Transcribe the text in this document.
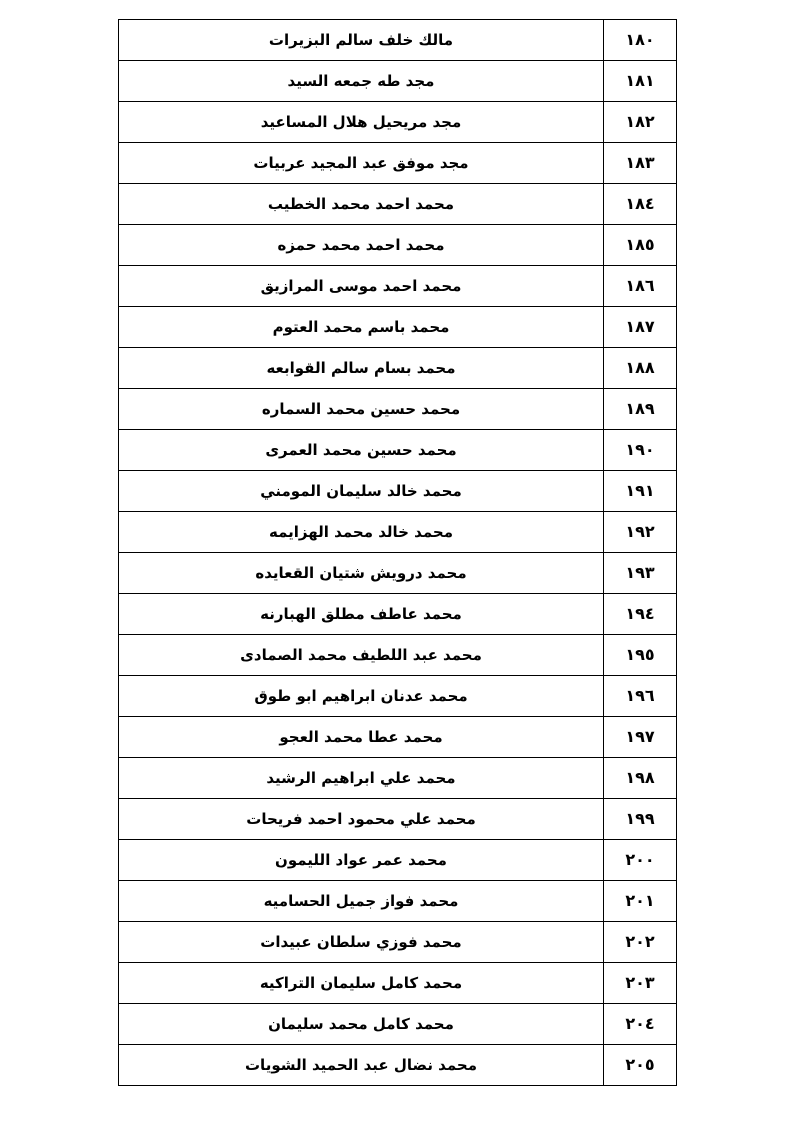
١٨٠	مالك خلف سالم البزيرات
١٨١	مجد طه جمعه السيد
١٨٢	مجد مريحيل هلال المساعيد
١٨٣	مجد موفق عبد المجيد عربيات
١٨٤	محمد احمد محمد الخطيب
١٨٥	محمد احمد محمد حمزه
١٨٦	محمد احمد موسى المرازيق
١٨٧	محمد باسم محمد العتوم
١٨٨	محمد بسام سالم القوابعه
١٨٩	محمد حسين محمد السماره
١٩٠	محمد حسين محمد العمرى
١٩١	محمد خالد سليمان المومني
١٩٢	محمد خالد محمد الهزايمه
١٩٣	محمد درويش شتيان القعايده
١٩٤	محمد عاطف مطلق الهبارنه
١٩٥	محمد عبد اللطيف محمد الصمادى
١٩٦	محمد عدنان ابراهيم ابو طوق
١٩٧	محمد عطا محمد العجو
١٩٨	محمد علي ابراهيم الرشيد
١٩٩	محمد علي محمود احمد فريحات
٢٠٠	محمد عمر عواد الليمون
٢٠١	محمد فواز جميل الحساميه
٢٠٢	محمد فوزي سلطان عبيدات
٢٠٣	محمد كامل سليمان التراكيه
٢٠٤	محمد كامل محمد سليمان
٢٠٥	محمد نضال عبد الحميد الشويات
